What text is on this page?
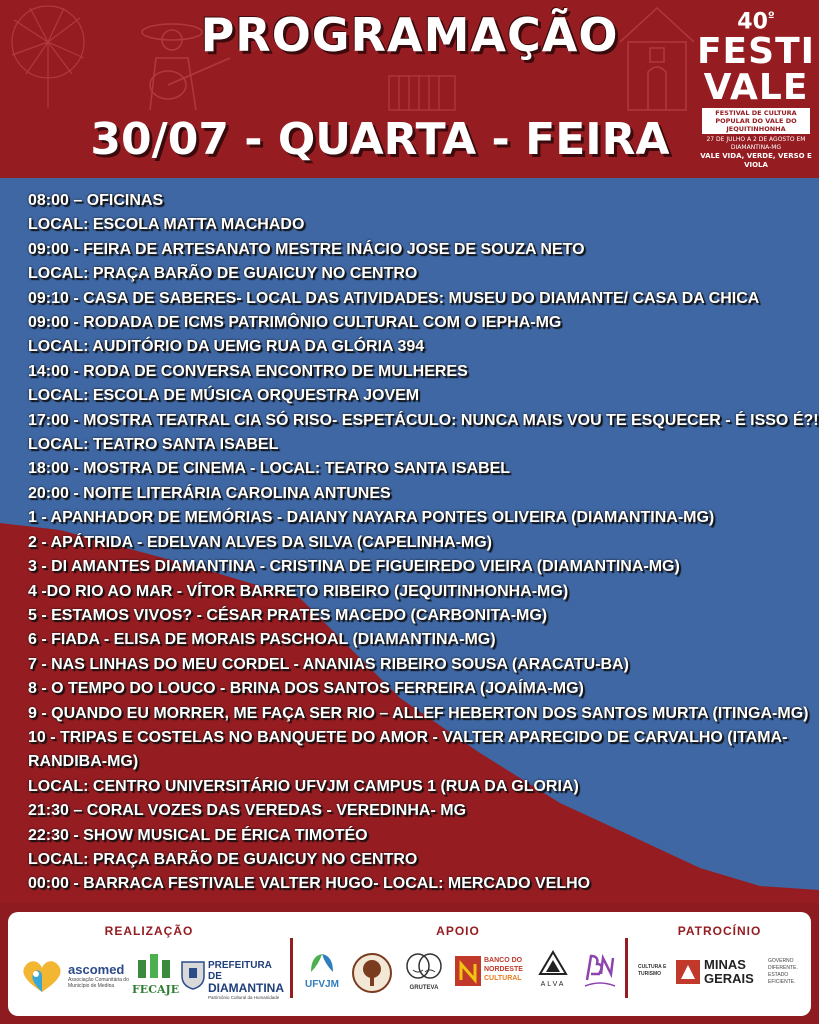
PROGRAMAÇÃO
30/07 - QUARTA - FEIRA
$40^º$
FESTI
VALE
FESTIVAL DE CULTURA POPULAR DO VALE DO JEQUITINHONHA
27 DE JULHO A 2 DE AGOSTO EM DIAMANTINA-MG
VALE VIDA, VERDE, VERSO E VIOLA
08:00 – OFICINAS
LOCAL: ESCOLA MATTA MACHADO
09:00 - FEIRA DE ARTESANATO MESTRE INÁCIO JOSE DE SOUZA NETO
LOCAL: PRAÇA BARÃO DE GUAICUY NO CENTRO
09:10 - CASA DE SABERES- LOCAL DAS ATIVIDADES: MUSEU DO DIAMANTE/ CASA DA CHICA
09:00 - RODADA DE ICMS PATRIMÔNIO CULTURAL COM O IEPHA-MG
LOCAL: AUDITÓRIO DA UEMG RUA DA GLÓRIA 394
14:00 - RODA DE CONVERSA ENCONTRO DE MULHERES
LOCAL: ESCOLA DE MÚSICA ORQUESTRA JOVEM
17:00 - MOSTRA TEATRAL CIA SÓ RISO- ESPETÁCULO: NUNCA MAIS VOU TE ESQUECER - É ISSO É?!
LOCAL: TEATRO SANTA ISABEL
18:00 - MOSTRA DE CINEMA - LOCAL: TEATRO SANTA ISABEL
20:00 - NOITE LITERÁRIA CAROLINA ANTUNES
1 - APANHADOR DE MEMÓRIAS - DAIANY NAYARA PONTES OLIVEIRA (DIAMANTINA-MG)
2 - APÁTRIDA - EDELVAN ALVES DA SILVA (CAPELINHA-MG)
3 - DI AMANTES DIAMANTINA - CRISTINA DE FIGUEIREDO VIEIRA (DIAMANTINA-MG)
4 -DO RIO AO MAR - VÍTOR BARRETO RIBEIRO (JEQUITINHONHA-MG)
5 - ESTAMOS VIVOS? - CÉSAR PRATES MACEDO (CARBONITA-MG)
6 - FIADA - ELISA DE MORAIS PASCHOAL (DIAMANTINA-MG)
7 - NAS LINHAS DO MEU CORDEL - ANANIAS RIBEIRO SOUSA (ARACATU-BA)
8 - O TEMPO DO LOUCO - BRINA DOS SANTOS FERREIRA (JOAÍMA-MG)
9 - QUANDO EU MORRER, ME FAÇA SER RIO – ALLEF HEBERTON DOS SANTOS MURTA (ITINGA-MG)
10 - TRIPAS E COSTELAS NO BANQUETE DO AMOR - VALTER APARECIDO DE CARVALHO (ITAMA-RANDIBA-MG)
LOCAL: CENTRO UNIVERSITÁRIO UFVJM CAMPUS 1 (RUA DA GLORIA)
21:30 – CORAL VOZES DAS VEREDAS - VEREDINHA- MG
22:30 - SHOW MUSICAL DE ÉRICA TIMOTÉO
LOCAL: PRAÇA BARÃO DE GUAICUY NO CENTRO
00:00 - BARRACA FESTIVALE VALTER HUGO- LOCAL: MERCADO VELHO
REALIZAÇÃO
ascomed
Associação Comunitária do Município de Medina	FECAJE
PREFEITURA DE
DIAMANTINA
Patrimônio Cultural da Humanidade
APOIO
UFVJM	GRUTEVA
BANCO DO
NORDESTE
CULTURAL
ALVA
PATROCÍNIO
CULTURA E TURISMO
MINAS
GERAIS
GOVERNO
DIFERENTE.
ESTADO
EFICIENTE.
